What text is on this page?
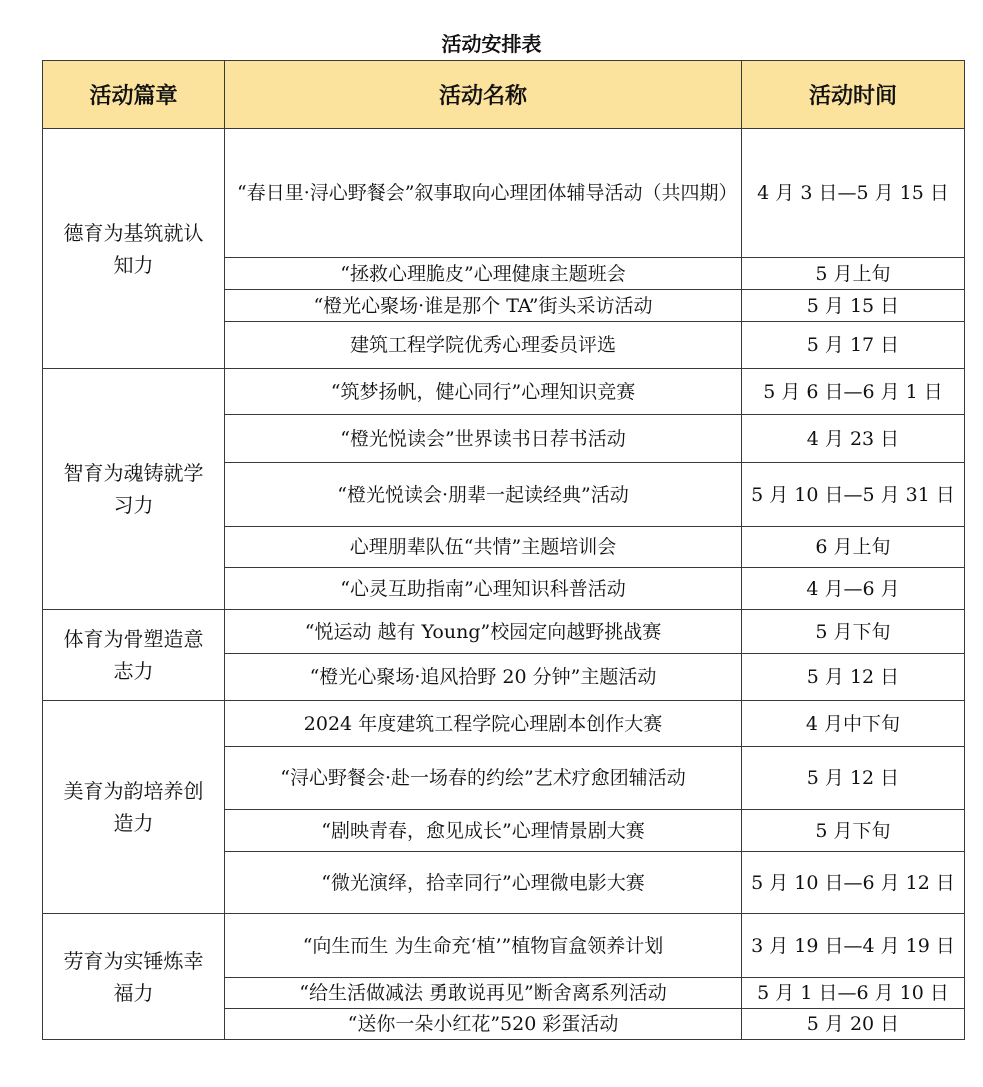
活动安排表
活动篇章	活动名称	活动时间
德育为基筑就认知力	“春日里·浔心野餐会”叙事取向心理团体辅导活动（共四期）	4 月 3 日—5 月 15 日
	“拯救心理脆皮”心理健康主题班会	5 月上旬
	“橙光心聚场·谁是那个 TA”街头采访活动	5 月 15 日
	建筑工程学院优秀心理委员评选	5 月 17 日
智育为魂铸就学习力	“筑梦扬帆，健心同行”心理知识竞赛	5 月 6 日—6 月 1 日
	“橙光悦读会”世界读书日荐书活动	4 月 23 日
	“橙光悦读会·朋辈一起读经典”活动	5 月 10 日—5 月 31 日
	心理朋辈队伍“共情”主题培训会	6 月上旬
	“心灵互助指南”心理知识科普活动	4 月—6 月
体育为骨塑造意志力	“悦运动 越有 Young”校园定向越野挑战赛	5 月下旬
	“橙光心聚场·追风拾野 20 分钟”主题活动	5 月 12 日
美育为韵培养创造力	2024 年度建筑工程学院心理剧本创作大赛	4 月中下旬
	“浔心野餐会·赴一场春的约绘”艺术疗愈团辅活动	5 月 12 日
	“剧映青春，愈见成长”心理情景剧大赛	5 月下旬
	“微光演绎，拾幸同行”心理微电影大赛	5 月 10 日—6 月 12 日
劳育为实锤炼幸福力	“向生而生 为生命充‘植’”植物盲盒领养计划	3 月 19 日—4 月 19 日
	“给生活做减法 勇敢说再见”断舍离系列活动	5 月 1 日—6 月 10 日
	“送你一朵小红花”520 彩蛋活动	5 月 20 日
